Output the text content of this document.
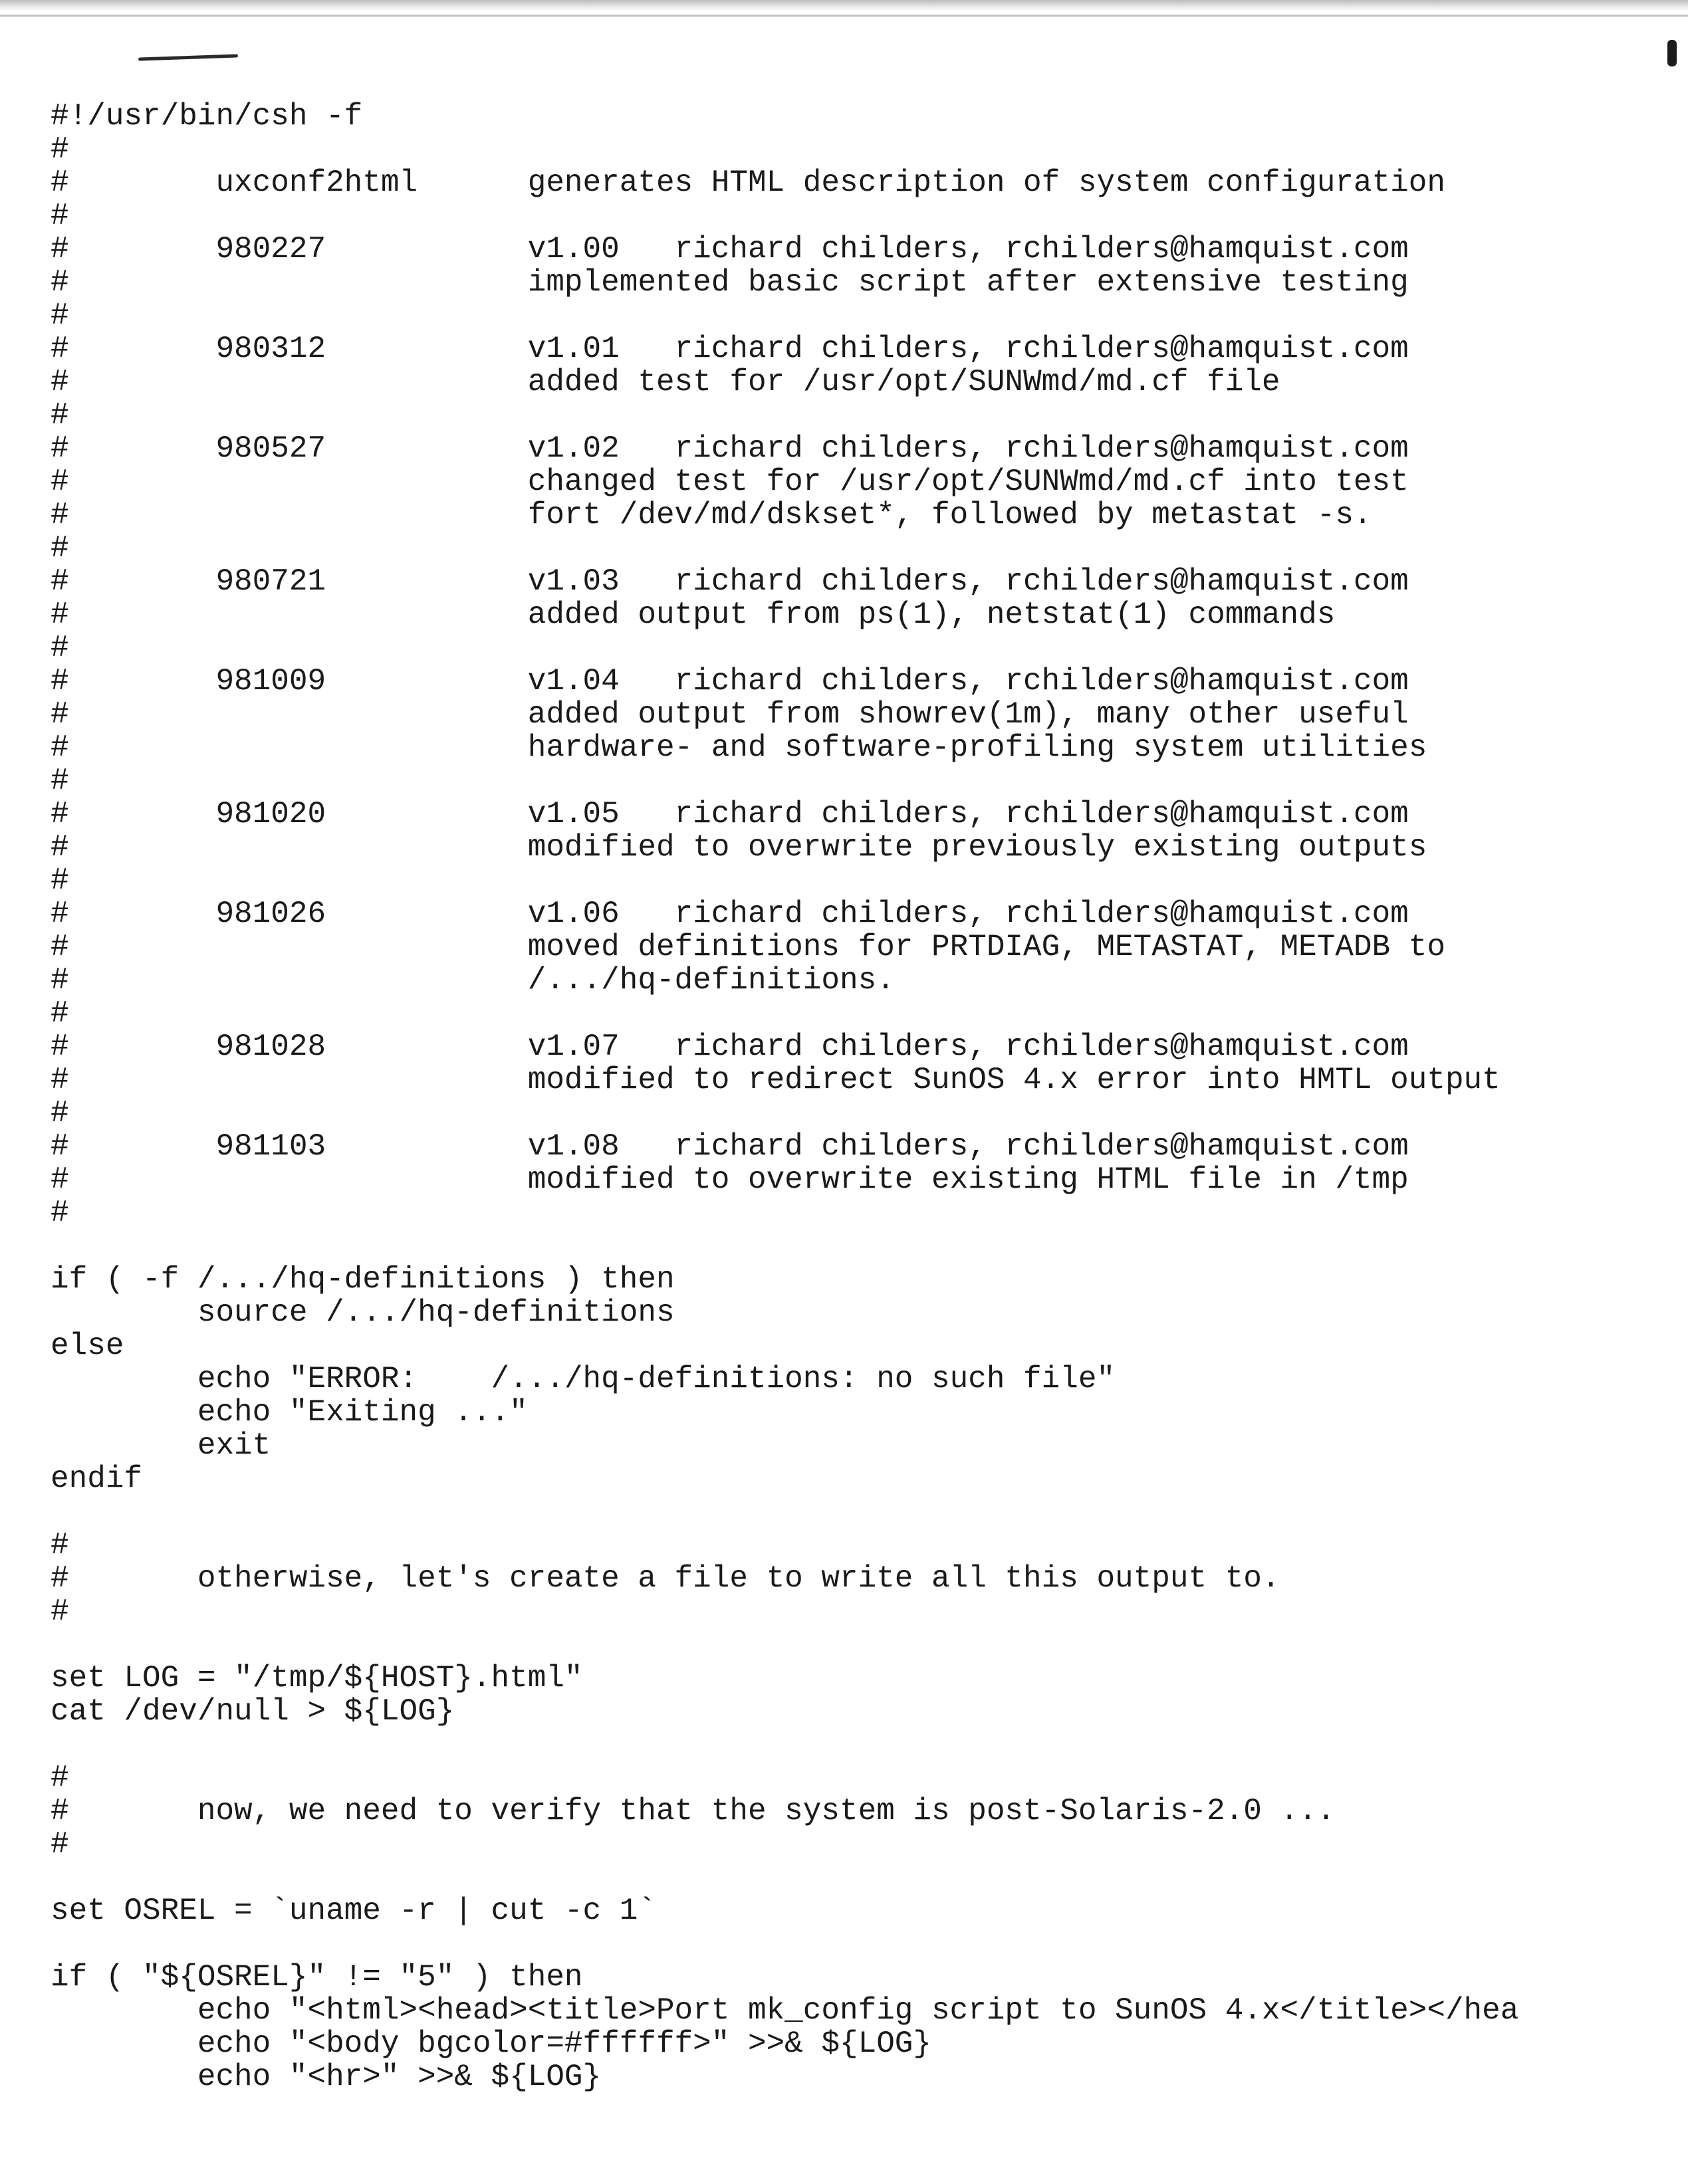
#!/usr/bin/csh -f
#
#        uxconf2html      generates HTML description of system configuration
#
#        980227           v1.00   richard childers, rchilders@hamquist.com
#                         implemented basic script after extensive testing
#
#        980312           v1.01   richard childers, rchilders@hamquist.com
#                         added test for /usr/opt/SUNWmd/md.cf file
#
#        980527           v1.02   richard childers, rchilders@hamquist.com
#                         changed test for /usr/opt/SUNWmd/md.cf into test
#                         fort /dev/md/dskset*, followed by metastat -s.
#
#        980721           v1.03   richard childers, rchilders@hamquist.com
#                         added output from ps(1), netstat(1) commands
#
#        981009           v1.04   richard childers, rchilders@hamquist.com
#                         added output from showrev(1m), many other useful
#                         hardware- and software-profiling system utilities
#
#        981020           v1.05   richard childers, rchilders@hamquist.com
#                         modified to overwrite previously existing outputs
#
#        981026           v1.06   richard childers, rchilders@hamquist.com
#                         moved definitions for PRTDIAG, METASTAT, METADB to
#                         /.../hq-definitions.
#
#        981028           v1.07   richard childers, rchilders@hamquist.com
#                         modified to redirect SunOS 4.x error into HMTL output
#
#        981103           v1.08   richard childers, rchilders@hamquist.com
#                         modified to overwrite existing HTML file in /tmp
#
if ( -f /.../hq-definitions ) then
source /.../hq-definitions
else
echo "ERROR:    /.../hq-definitions: no such file"
echo "Exiting ..."
exit
endif
#
#       otherwise, let's create a file to write all this output to.
#
set LOG = "/tmp/${HOST}.html"
cat /dev/null > ${LOG}
#
#       now, we need to verify that the system is post-Solaris-2.0 ...
#
set OSREL = `uname -r | cut -c 1`
if ( "${OSREL}" != "5" ) then
echo "<html><head><title>Port mk_config script to SunOS 4.x</title></hea
echo "<body bgcolor=#ffffff>" >>& ${LOG}
echo "<hr>" >>& ${LOG}
